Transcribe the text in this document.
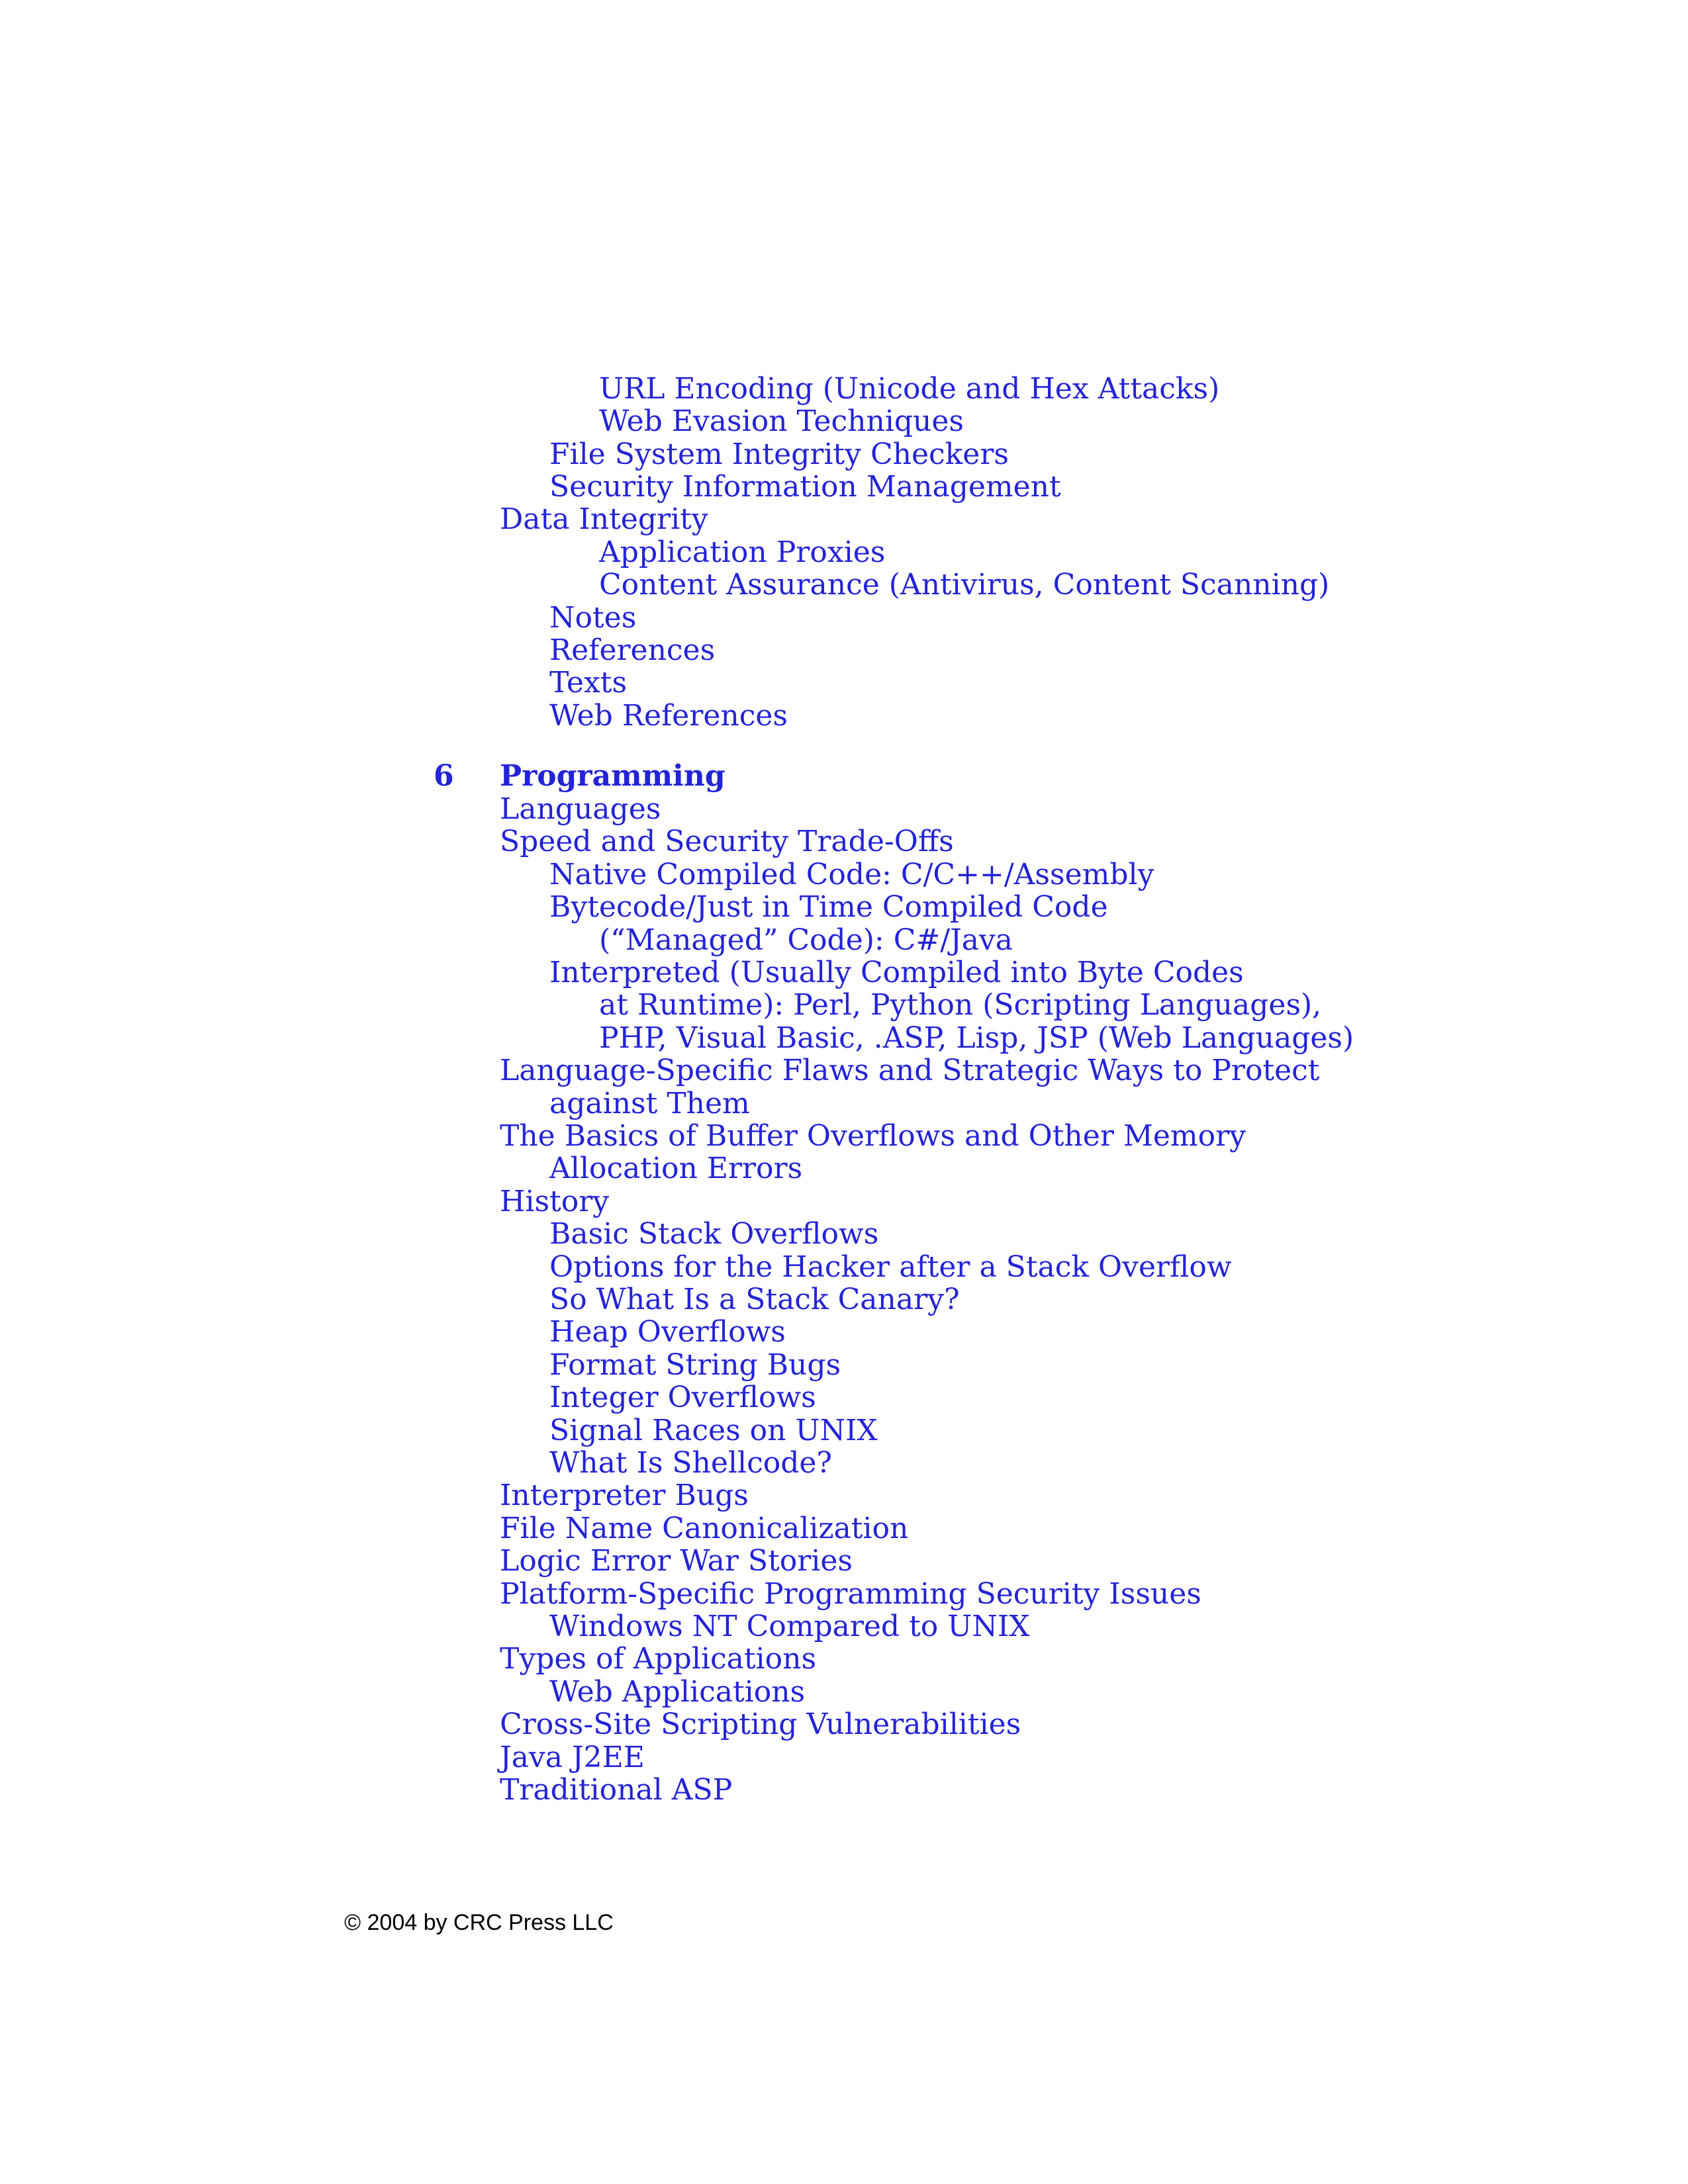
URL Encoding (Unicode and Hex Attacks)
Web Evasion Techniques
File System Integrity Checkers
Security Information Management
Data Integrity
Application Proxies
Content Assurance (Antivirus, Content Scanning)
Notes
References
Texts
Web References
6 Programming
Languages
Speed and Security Trade-Offs
Native Compiled Code: C/C++/Assembly
Bytecode/Just in Time Compiled Code
(“Managed” Code): C#/Java
Interpreted (Usually Compiled into Byte Codes
at Runtime): Perl, Python (Scripting Languages),
PHP, Visual Basic, .ASP, Lisp, JSP (Web Languages)
Language-Specific Flaws and Strategic Ways to Protect
against Them
The Basics of Buffer Overflows and Other Memory
Allocation Errors
History
Basic Stack Overflows
Options for the Hacker after a Stack Overflow
So What Is a Stack Canary?
Heap Overflows
Format String Bugs
Integer Overflows
Signal Races on UNIX
What Is Shellcode?
Interpreter Bugs
File Name Canonicalization
Logic Error War Stories
Platform-Specific Programming Security Issues
Windows NT Compared to UNIX
Types of Applications
Web Applications
Cross-Site Scripting Vulnerabilities
Java J2EE
Traditional ASP
© 2004 by CRC Press LLC
